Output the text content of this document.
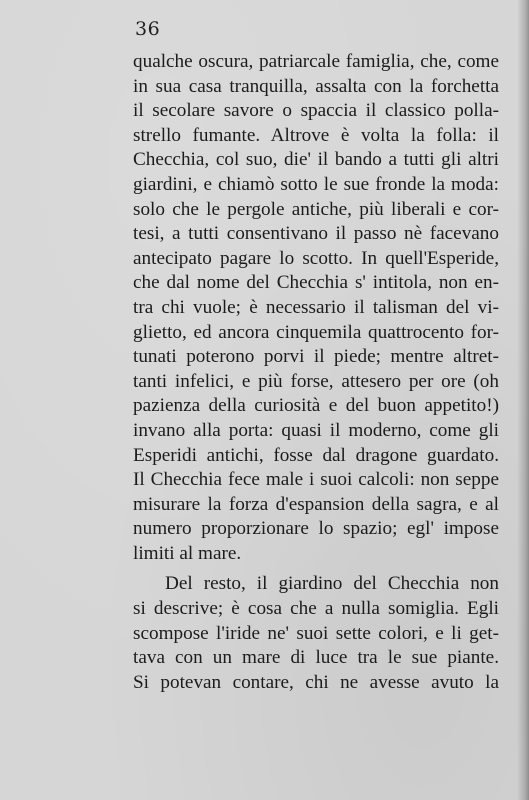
36
qualche oscura, patriarcale famiglia, che, come
in sua casa tranquilla, assalta con la forchetta
il secolare savore o spaccia il classico polla-
strello fumante. Altrove è volta la folla: il
Checchia, col suo, die' il bando a tutti gli altri
giardini, e chiamò sotto le sue fronde la moda:
solo che le pergole antiche, più liberali e cor-
tesi, a tutti consentivano il passo nè facevano
antecipato pagare lo scotto. In quell'Esperide,
che dal nome del Checchia s' intitola, non en-
tra chi vuole; è necessario il talisman del vi-
glietto, ed ancora cinquemila quattrocento for-
tunati poterono porvi il piede; mentre altret-
tanti infelici, e più forse, attesero per ore (oh
pazienza della curiosità e del buon appetito!)
invano alla porta: quasi il moderno, come gli
Esperidi antichi, fosse dal dragone guardato.
Il Checchia fece male i suoi calcoli: non seppe
misurare la forza d'espansion della sagra, e al
numero proporzionare lo spazio; egl' impose
limiti al mare.
Del resto, il giardino del Checchia non
si descrive; è cosa che a nulla somiglia. Egli
scompose l'iride ne' suoi sette colori, e li get-
tava con un mare di luce tra le sue piante.
Si potevan contare, chi ne avesse avuto la
